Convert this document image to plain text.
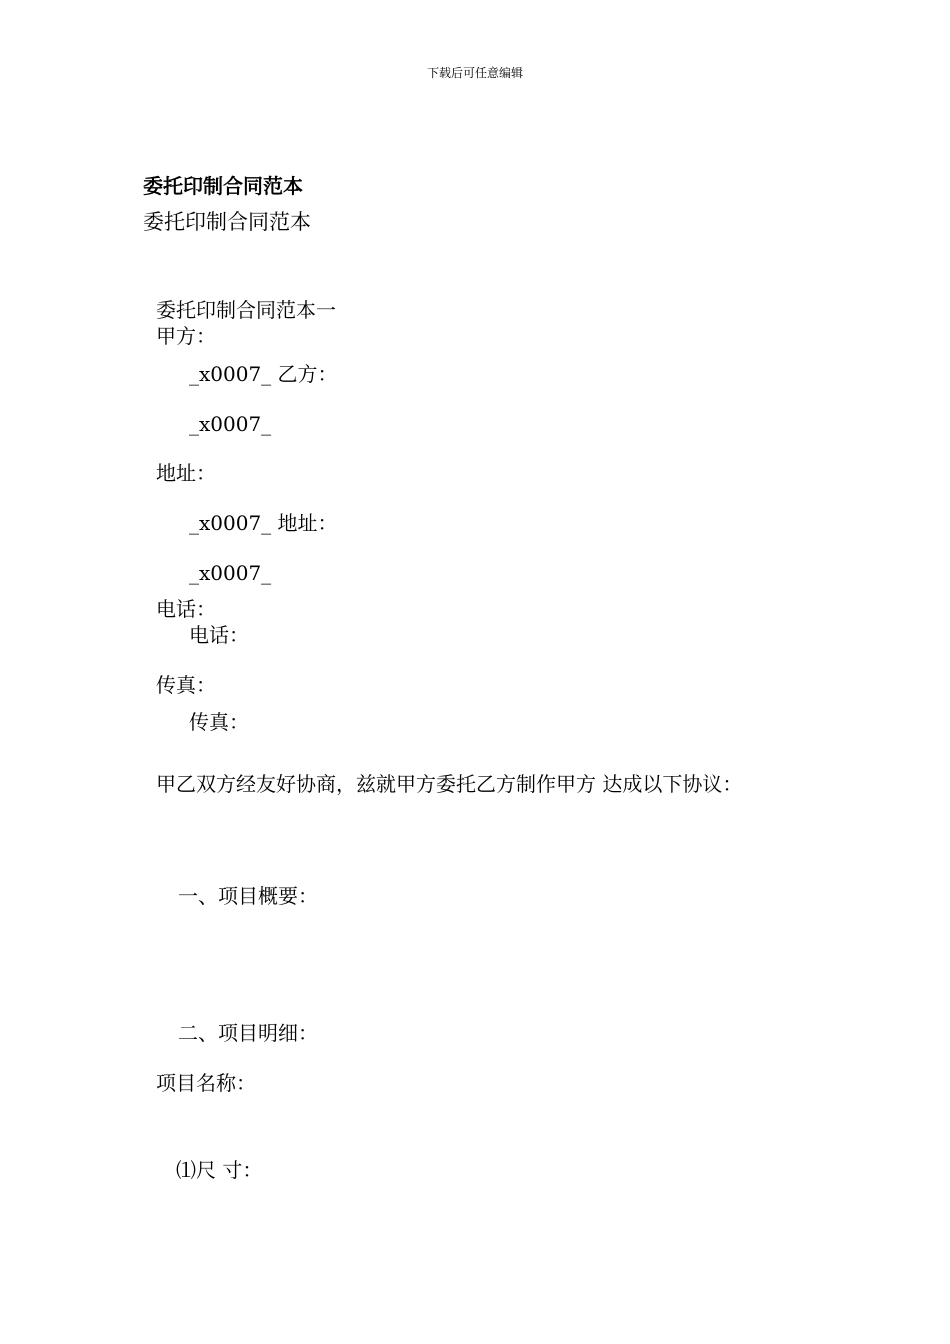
下载后可任意编辑
委托印制合同范本
委托印制合同范本
委托印制合同范本一
甲方：
_x0007_ 乙方：
_x0007_
地址：
_x0007_ 地址：
_x0007_
电话：
电话：
传真：
传真：
甲乙双方经友好协商，兹就甲方委托乙方制作甲方 达成以下协议：
一、项目概要：
二、项目明细：
项目名称：
⑴尺 寸：
